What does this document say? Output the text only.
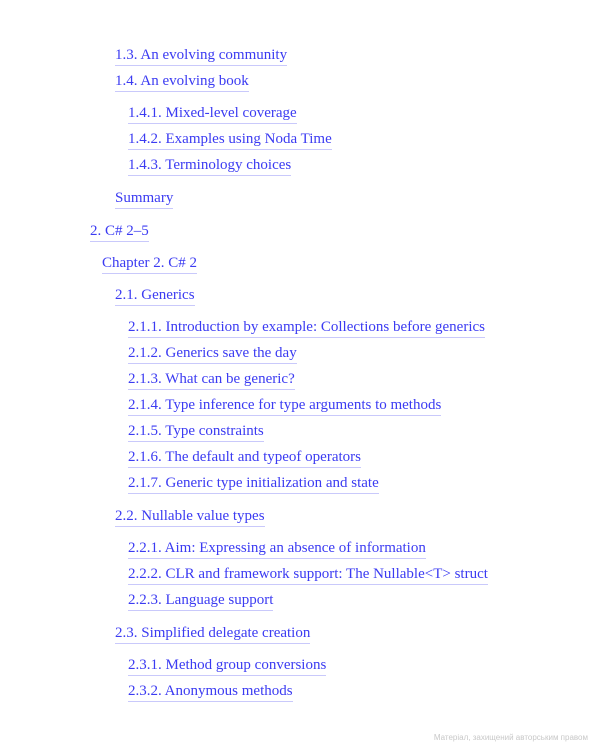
1.3. An evolving community
1.4. An evolving book
1.4.1. Mixed-level coverage
1.4.2. Examples using Noda Time
1.4.3. Terminology choices
Summary
2. C# 2–5
Chapter 2. C# 2
2.1. Generics
2.1.1. Introduction by example: Collections before generics
2.1.2. Generics save the day
2.1.3. What can be generic?
2.1.4. Type inference for type arguments to methods
2.1.5. Type constraints
2.1.6. The default and typeof operators
2.1.7. Generic type initialization and state
2.2. Nullable value types
2.2.1. Aim: Expressing an absence of information
2.2.2. CLR and framework support: The Nullable<T> struct
2.2.3. Language support
2.3. Simplified delegate creation
2.3.1. Method group conversions
2.3.2. Anonymous methods
Матеріал, захищений авторським правом
